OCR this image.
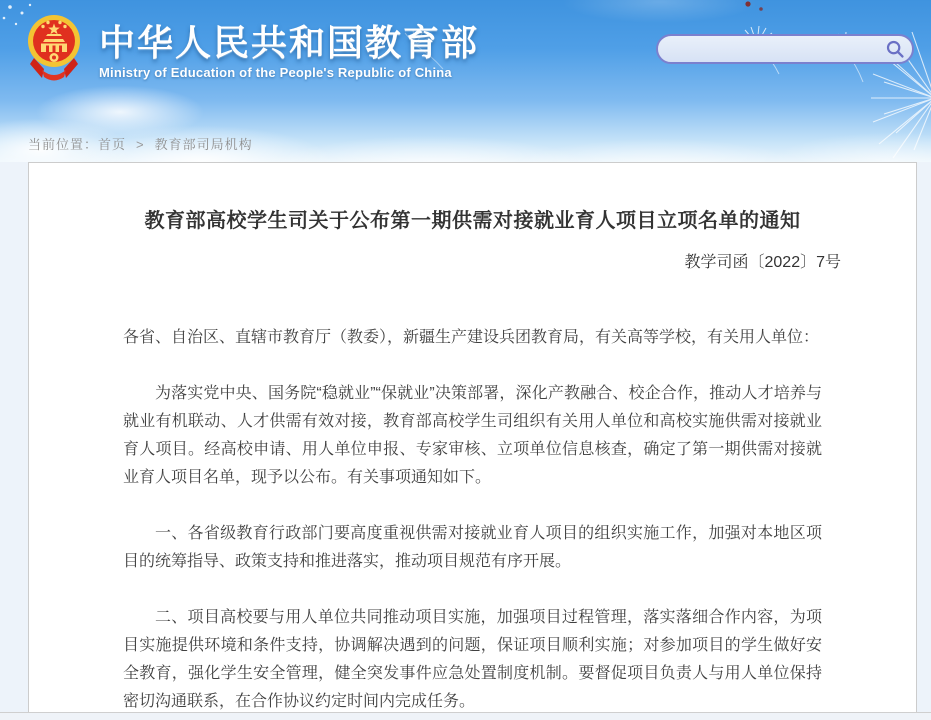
中华人民共和国教育部
Ministry of Education of the People's Republic of China
当前位置：首页 > 教育部司局机构
教育部高校学生司关于公布第一期供需对接就业育人项目立项名单的通知
教学司函〔2022〕7号

各省、自治区、直辖市教育厅（教委），新疆生产建设兵团教育局，有关高等学校，有关用人单位：

为落实党中央、国务院“稳就业”“保就业”决策部署，深化产教融合、校企合作，推动人才培养与就业有机联动、人才供需有效对接，教育部高校学生司组织有关用人单位和高校实施供需对接就业育人项目。经高校申请、用人单位申报、专家审核、立项单位信息核查，确定了第一期供需对接就业育人项目名单，现予以公布。有关事项通知如下。

一、各省级教育行政部门要高度重视供需对接就业育人项目的组织实施工作，加强对本地区项目的统筹指导、政策支持和推进落实，推动项目规范有序开展。

二、项目高校要与用人单位共同推动项目实施，加强项目过程管理，落实落细合作内容，为项目实施提供环境和条件支持，协调解决遇到的问题，保证项目顺利实施；对参加项目的学生做好安全教育，强化学生安全管理，健全突发事件应急处置制度机制。要督促项目负责人与用人单位保持密切沟通联系，在合作协议约定时间内完成任务。
